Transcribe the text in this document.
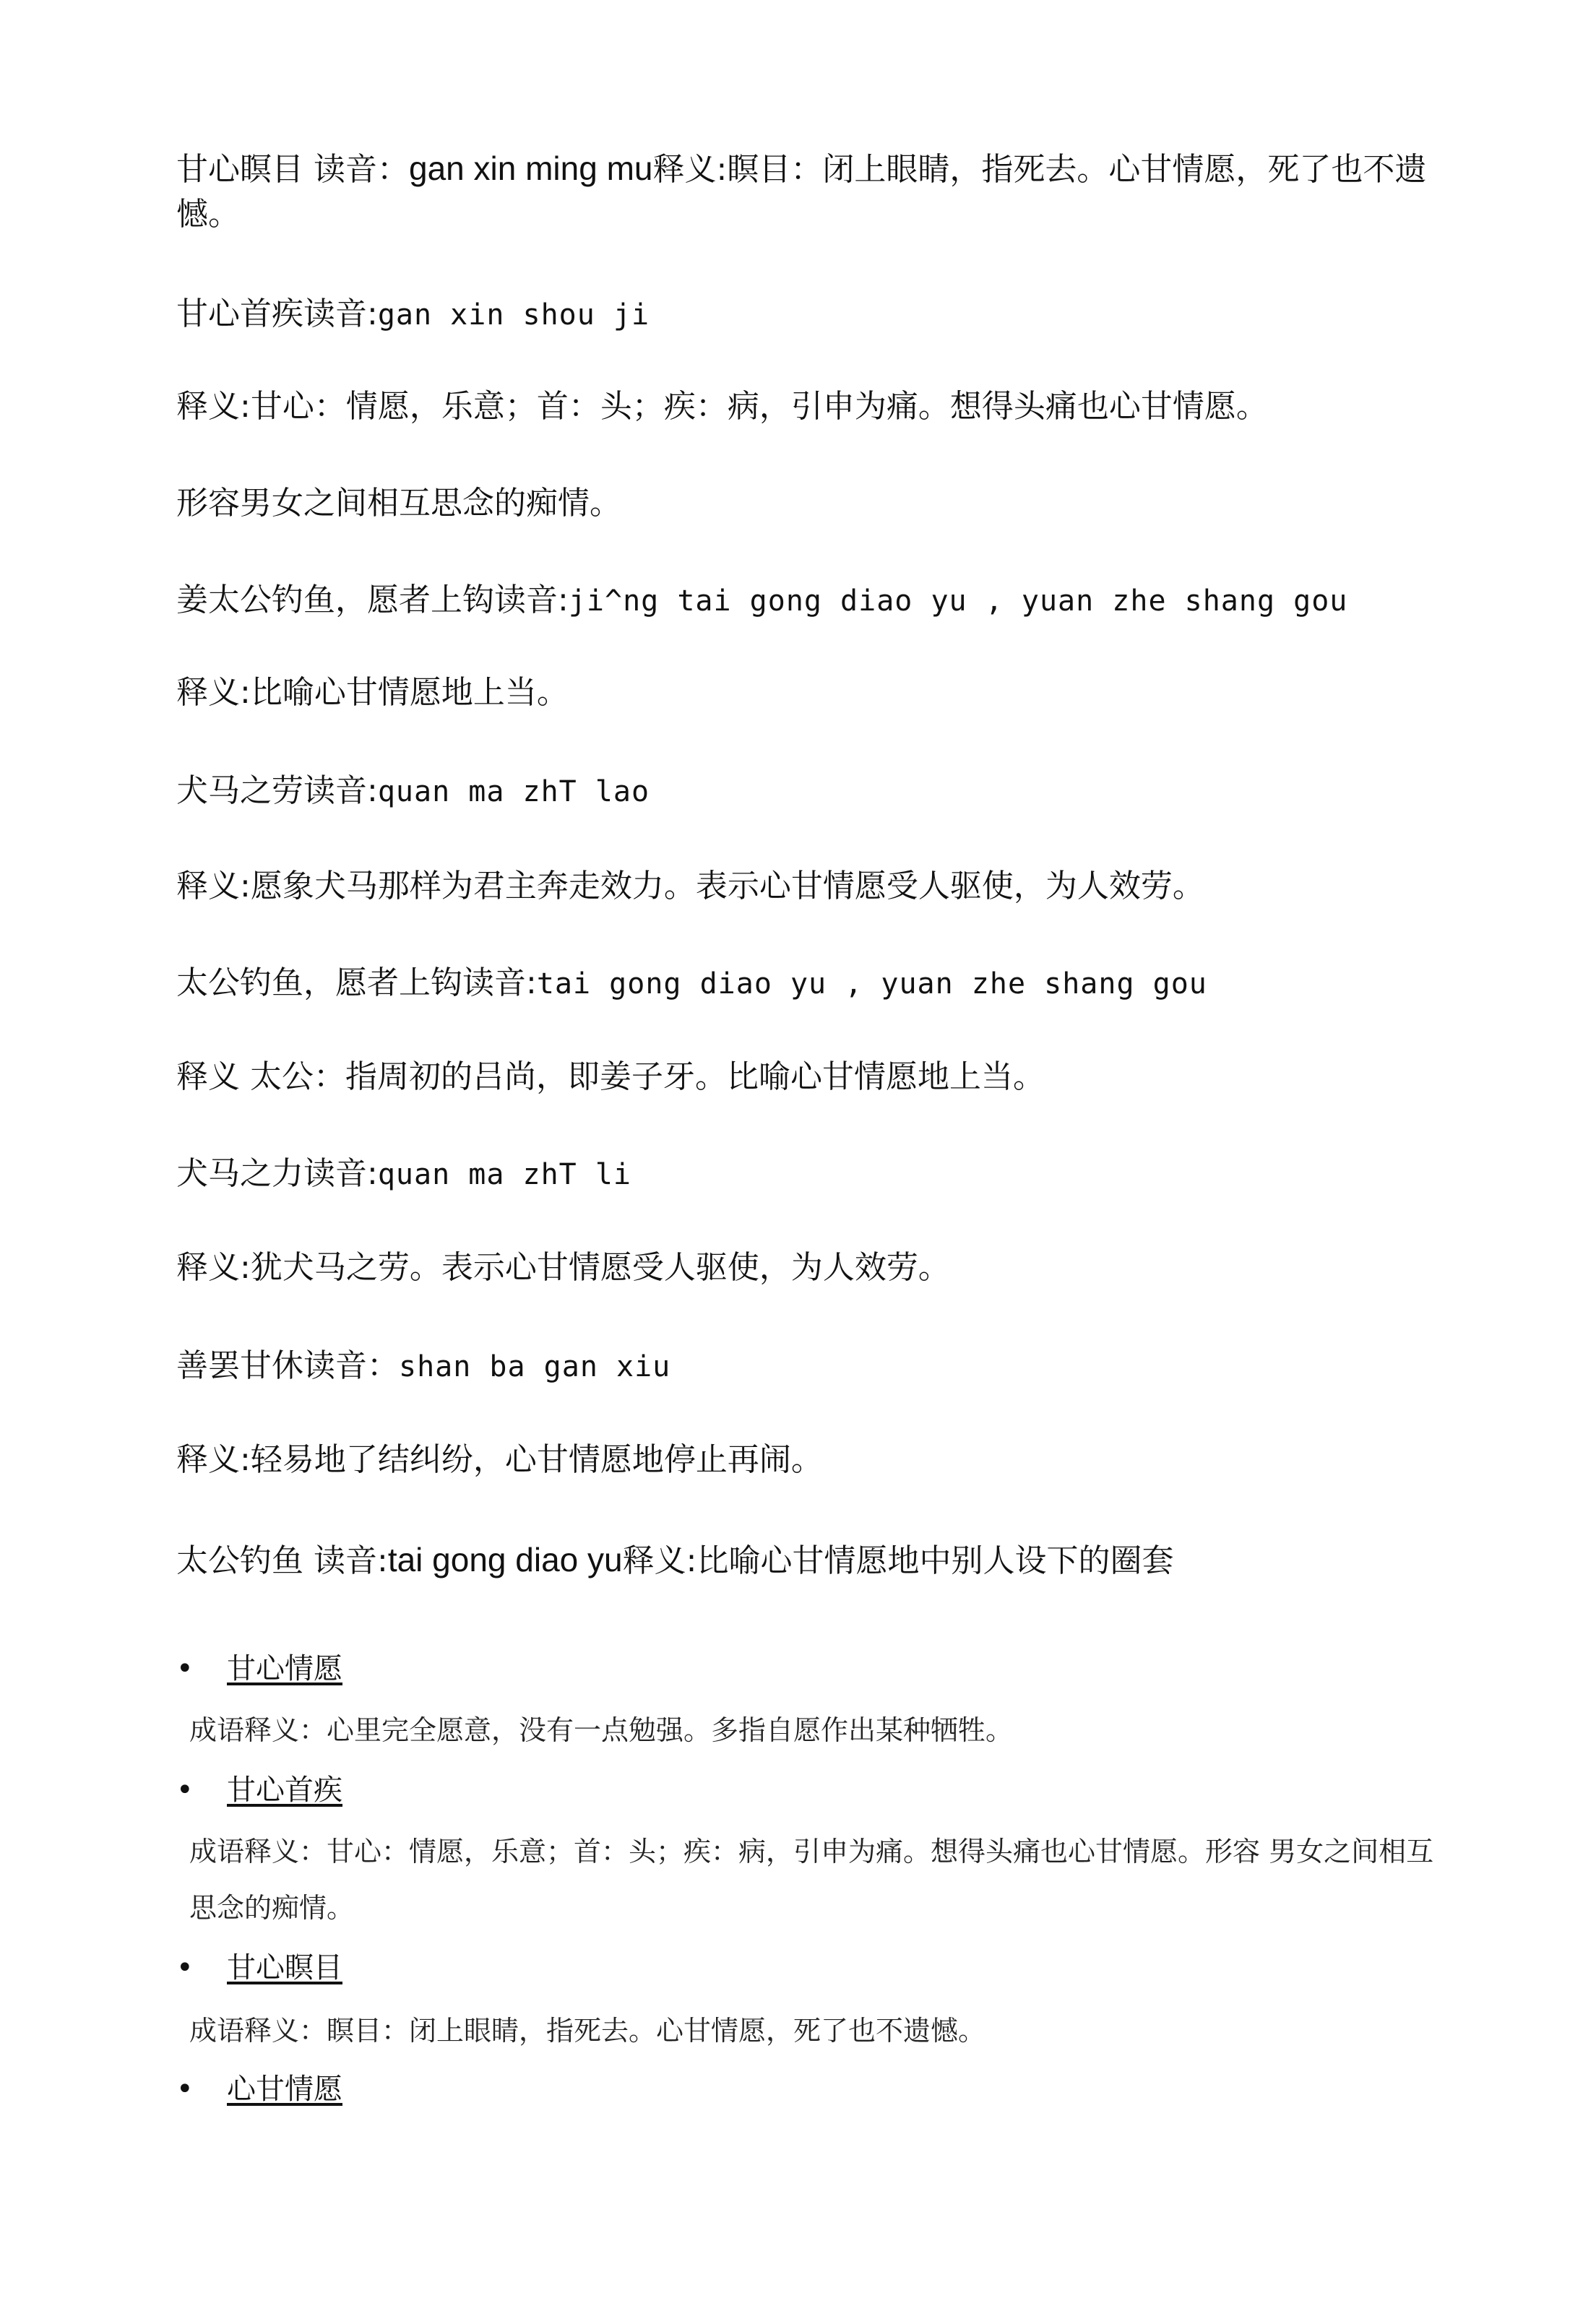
甘心瞑目 读音：gan xin ming mu释义:瞑目：闭上眼睛，指死去。心甘情愿，死了也不遗憾。
甘心首疾读音:gan xin shou ji
释义:甘心：情愿，乐意；首：头；疾：病，引申为痛。想得头痛也心甘情愿。
形容男女之间相互思念的痴情。
姜太公钓鱼，愿者上钩读音:ji^ng tai gong diao yu , yuan zhe shang gou
释义:比喻心甘情愿地上当。
犬马之劳读音:quan ma zhT lao
释义:愿象犬马那样为君主奔走效力。表示心甘情愿受人驱使，为人效劳。
太公钓鱼，愿者上钩读音:tai gong diao yu , yuan zhe shang gou
释义 太公：指周初的吕尚，即姜子牙。比喻心甘情愿地上当。
犬马之力读音:quan ma zhT li
释义:犹犬马之劳。表示心甘情愿受人驱使，为人效劳。
善罢甘休读音：shan ba gan xiu
释义:轻易地了结纠纷，心甘情愿地停止再闹。
太公钓鱼 读音:tai gong diao yu释义:比喻心甘情愿地中别人设下的圈套
• 甘心情愿
成语释义：心里完全愿意，没有一点勉强。多指自愿作出某种牺牲。
• 甘心首疾
成语释义：甘心：情愿，乐意；首：头；疾：病，引申为痛。想得头痛也心甘情愿。形容 男女之间相互思念的痴情。
• 甘心瞑目
成语释义：瞑目：闭上眼睛，指死去。心甘情愿，死了也不遗憾。
• 心甘情愿
